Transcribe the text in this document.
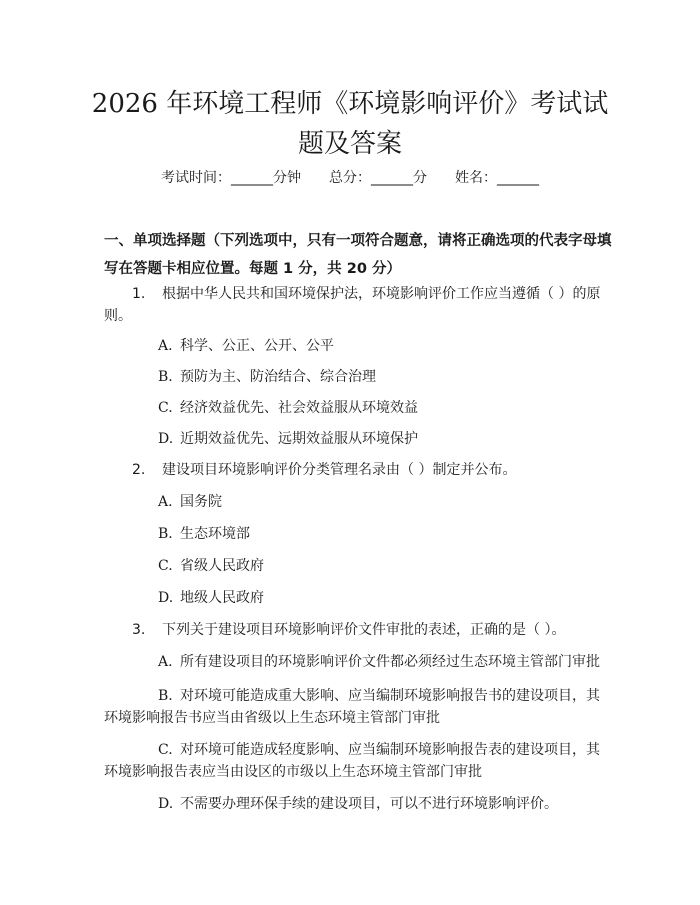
2026 年环境工程师《环境影响评价》考试试
题及答案
考试时间：______分钟 总分：______分 姓名：______
一、单项选择题（下列选项中，只有一项符合题意，请将正确选项的代表字母填
写在答题卡相应位置。每题 1 分，共 20 分）
1. 根据中华人民共和国环境保护法，环境影响评价工作应当遵循（ ）的原
则。
A. 科学、公正、公开、公平
B. 预防为主、防治结合、综合治理
C. 经济效益优先、社会效益服从环境效益
D. 近期效益优先、远期效益服从环境保护
2. 建设项目环境影响评价分类管理名录由（ ）制定并公布。
A. 国务院
B. 生态环境部
C. 省级人民政府
D. 地级人民政府
3. 下列关于建设项目环境影响评价文件审批的表述，正确的是（ ）。
A. 所有建设项目的环境影响评价文件都必须经过生态环境主管部门审批
B. 对环境可能造成重大影响、应当编制环境影响报告书的建设项目，其
环境影响报告书应当由省级以上生态环境主管部门审批
C. 对环境可能造成轻度影响、应当编制环境影响报告表的建设项目，其
环境影响报告表应当由设区的市级以上生态环境主管部门审批
D. 不需要办理环保手续的建设项目，可以不进行环境影响评价。
